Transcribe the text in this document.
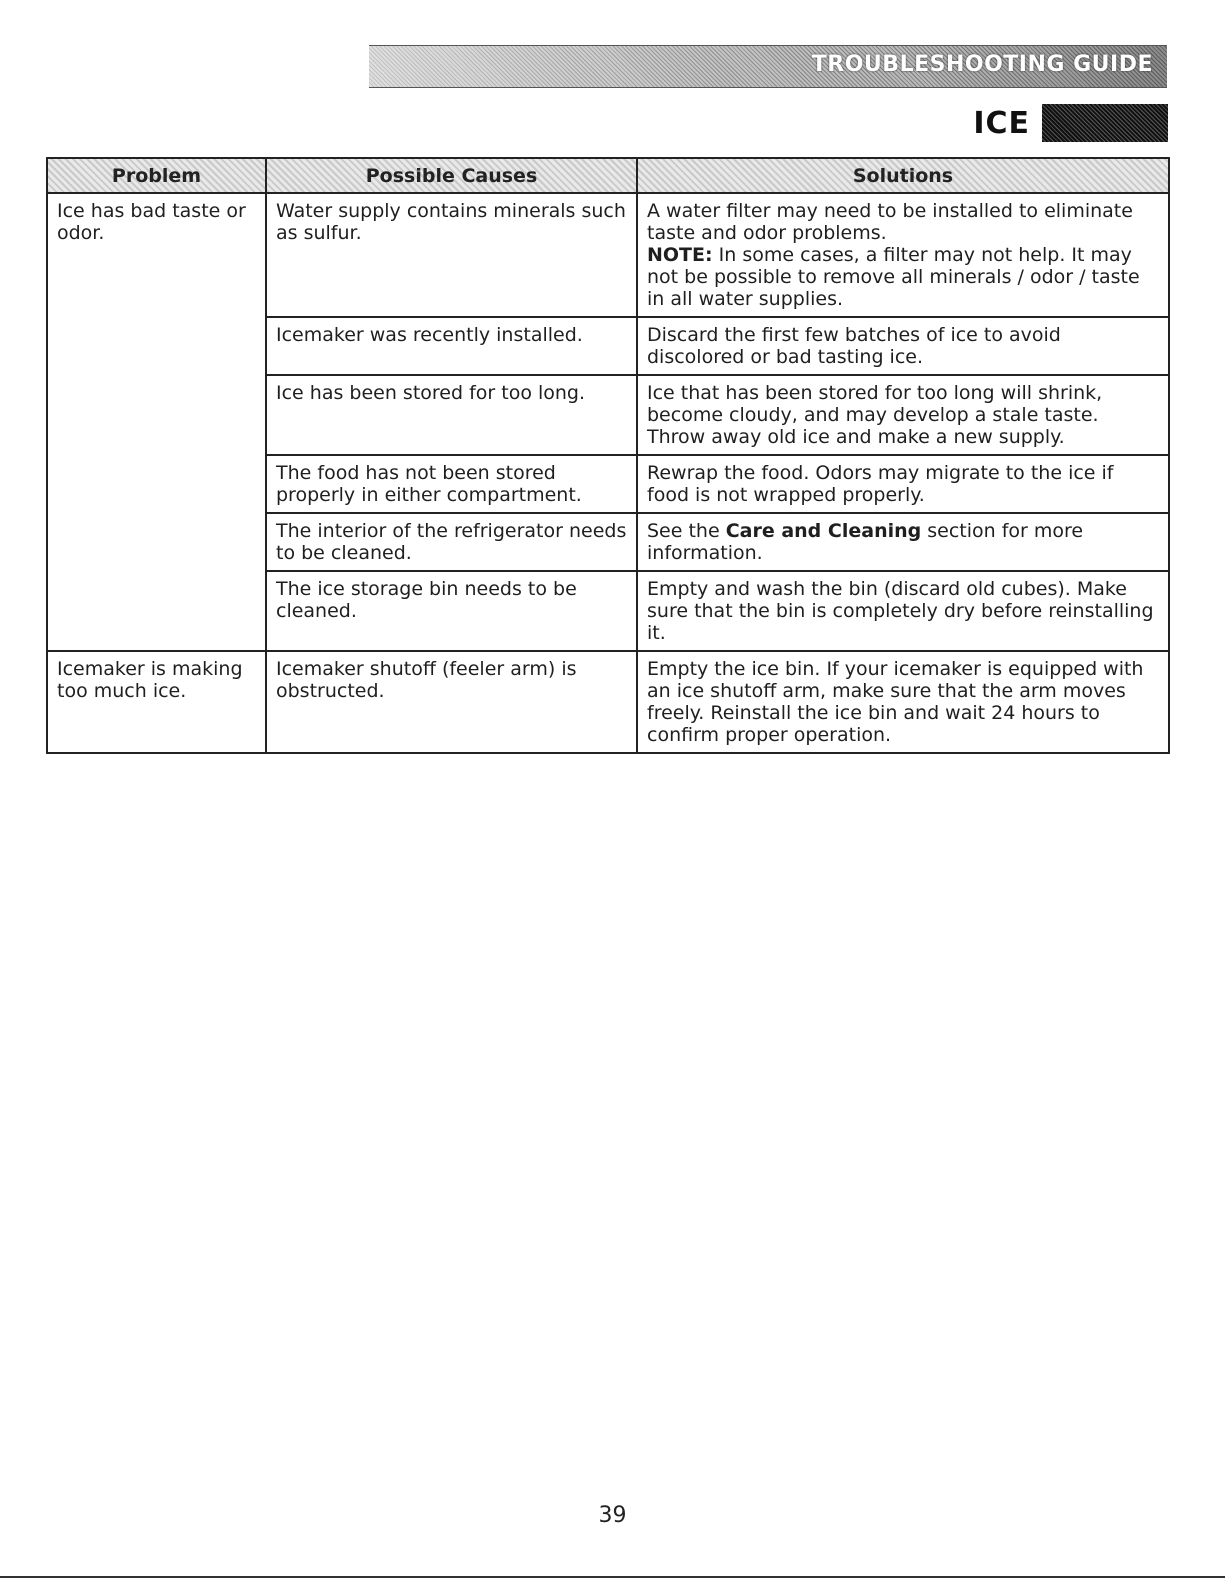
TROUBLESHOOTING GUIDE
ICE
Problem	Possible Causes	Solutions
Ice has bad taste or odor.	Water supply contains minerals such as sulfur.	A water filter may need to be installed to eliminate taste and odor problems.

NOTE: In some cases, a filter may not help. It may not be possible to remove all minerals / odor / taste in all water supplies.

	Icemaker was recently installed.	Discard the first few batches of ice to avoid discolored or bad tasting ice.
	Ice has been stored for too long.	Ice that has been stored for too long will shrink, become cloudy, and may develop a stale taste. Throw away old ice and make a new supply.
	The food has not been stored properly in either compartment.	Rewrap the food. Odors may migrate to the ice if food is not wrapped properly.
	The interior of the refrigerator needs to be cleaned.	See the Care and Cleaning section for more information.
	The ice storage bin needs to be cleaned.	Empty and wash the bin (discard old cubes). Make sure that the bin is completely dry before reinstalling it.
Icemaker is making too much ice.	Icemaker shutoff (feeler arm) is obstructed.	Empty the ice bin. If your icemaker is equipped with an ice shutoff arm, make sure that the arm moves freely. Reinstall the ice bin and wait 24 hours to confirm proper operation.
39
